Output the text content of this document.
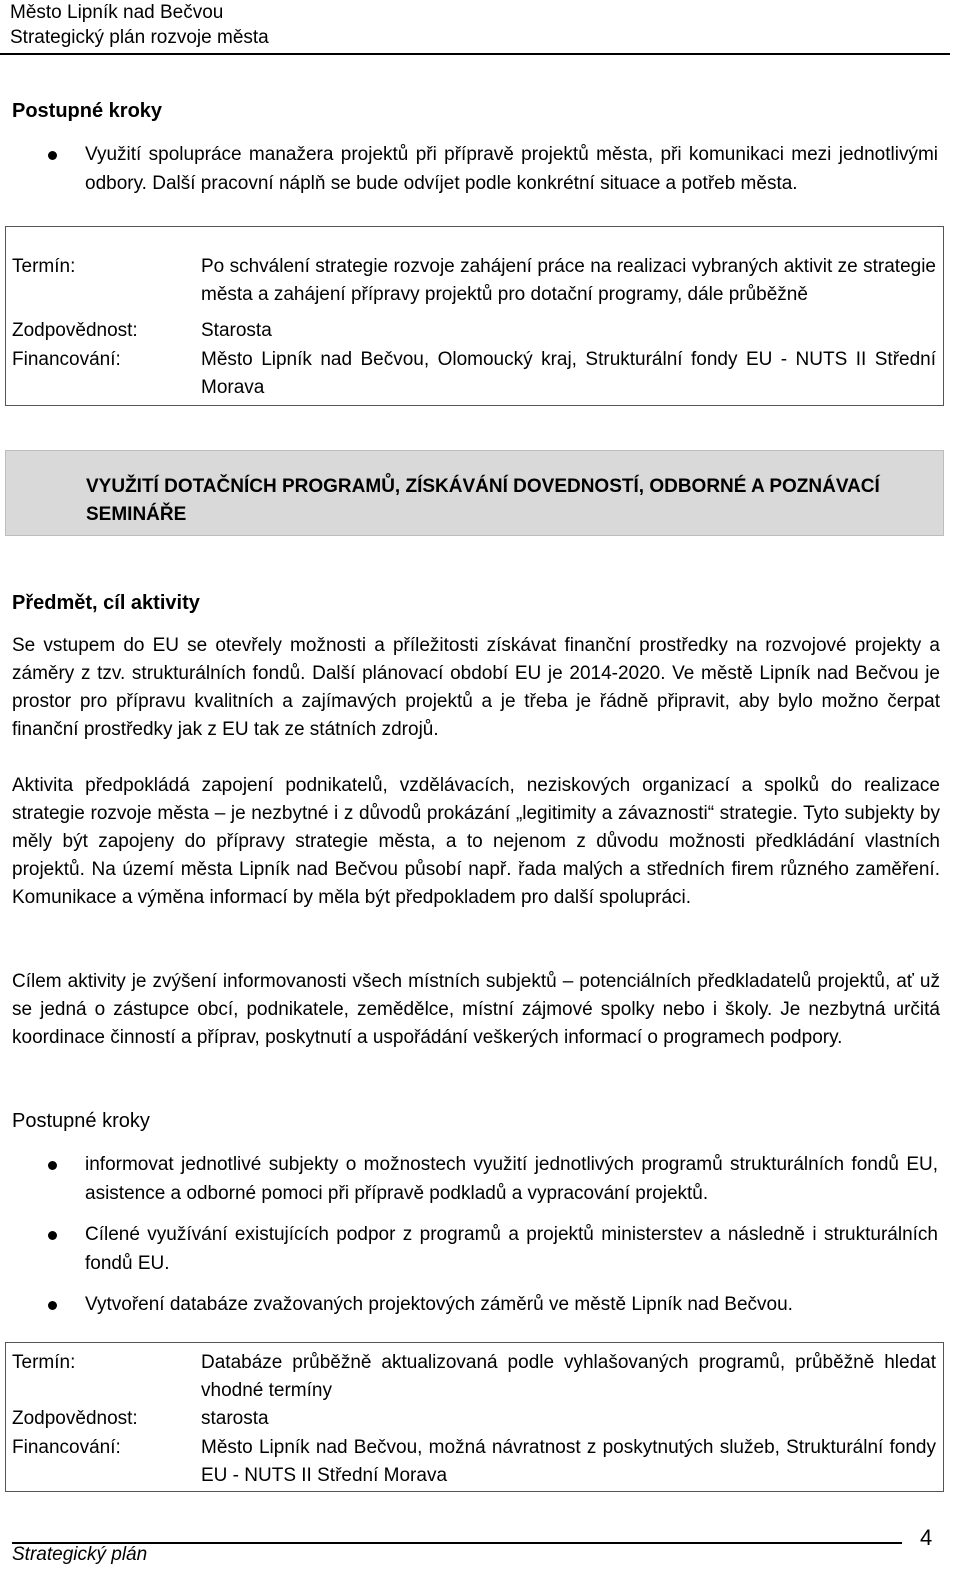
Město Lipník nad Bečvou
Strategický plán rozvoje města
Postupné kroky
Využití spolupráce manažera projektů při přípravě projektů města, při komunikaci mezi jednotlivými odbory. Další pracovní náplň se bude odvíjet podle konkrétní situace a potřeb města.
Termín:	Po schválení strategie rozvoje zahájení práce na realizaci vybraných aktivit ze strategie města a zahájení přípravy projektů pro dotační programy, dále průběžně
Zodpovědnost:	Starosta
Financování:	Město Lipník nad Bečvou, Olomoucký kraj, Strukturální fondy EU - NUTS II Střední Morava
VYUŽITÍ DOTAČNÍCH PROGRAMŮ, ZÍSKÁVÁNÍ DOVEDNOSTÍ, ODBORNÉ A POZNÁVACÍ SEMINÁŘE
Předmět, cíl aktivity
Se vstupem do EU se otevřely možnosti a příležitosti získávat finanční prostředky na rozvojové projekty a záměry z tzv. strukturálních fondů. Další plánovací období EU je 2014-2020. Ve městě Lipník nad Bečvou je prostor pro přípravu kvalitních a zajímavých projektů a je třeba je řádně připravit, aby bylo možno čerpat finanční prostředky jak z EU tak ze státních zdrojů.
Aktivita předpokládá zapojení podnikatelů, vzdělávacích, neziskových organizací a spolků do realizace strategie rozvoje města – je nezbytné i z důvodů prokázání „legitimity a závaznosti“ strategie. Tyto subjekty by měly být zapojeny do přípravy strategie města, a to nejenom z důvodu možnosti předkládání vlastních projektů. Na území města Lipník nad Bečvou působí např. řada malých a středních firem různého zaměření. Komunikace a výměna informací by měla být předpokladem pro další spolupráci.
Cílem aktivity je zvýšení informovanosti všech místních subjektů – potenciálních předkladatelů projektů, ať už se jedná o zástupce obcí, podnikatele, zemědělce, místní zájmové spolky nebo i školy. Je nezbytná určitá koordinace činností a příprav, poskytnutí a uspořádání veškerých informací o programech podpory.
Postupné kroky
informovat jednotlivé subjekty o možnostech využití jednotlivých programů strukturálních fondů EU, asistence a odborné pomoci při přípravě podkladů a vypracování projektů.
Cílené využívání existujících podpor z programů a projektů ministerstev a následně i strukturálních fondů EU.
Vytvoření databáze zvažovaných projektových záměrů ve městě Lipník nad Bečvou.
Termín:	Databáze průběžně aktualizovaná podle vyhlašovaných programů, průběžně hledat vhodné termíny
Zodpovědnost:	starosta
Financování:	Město Lipník nad Bečvou, možná návratnost z poskytnutých služeb, Strukturální fondy EU - NUTS II Střední Morava
Strategický plán
4
